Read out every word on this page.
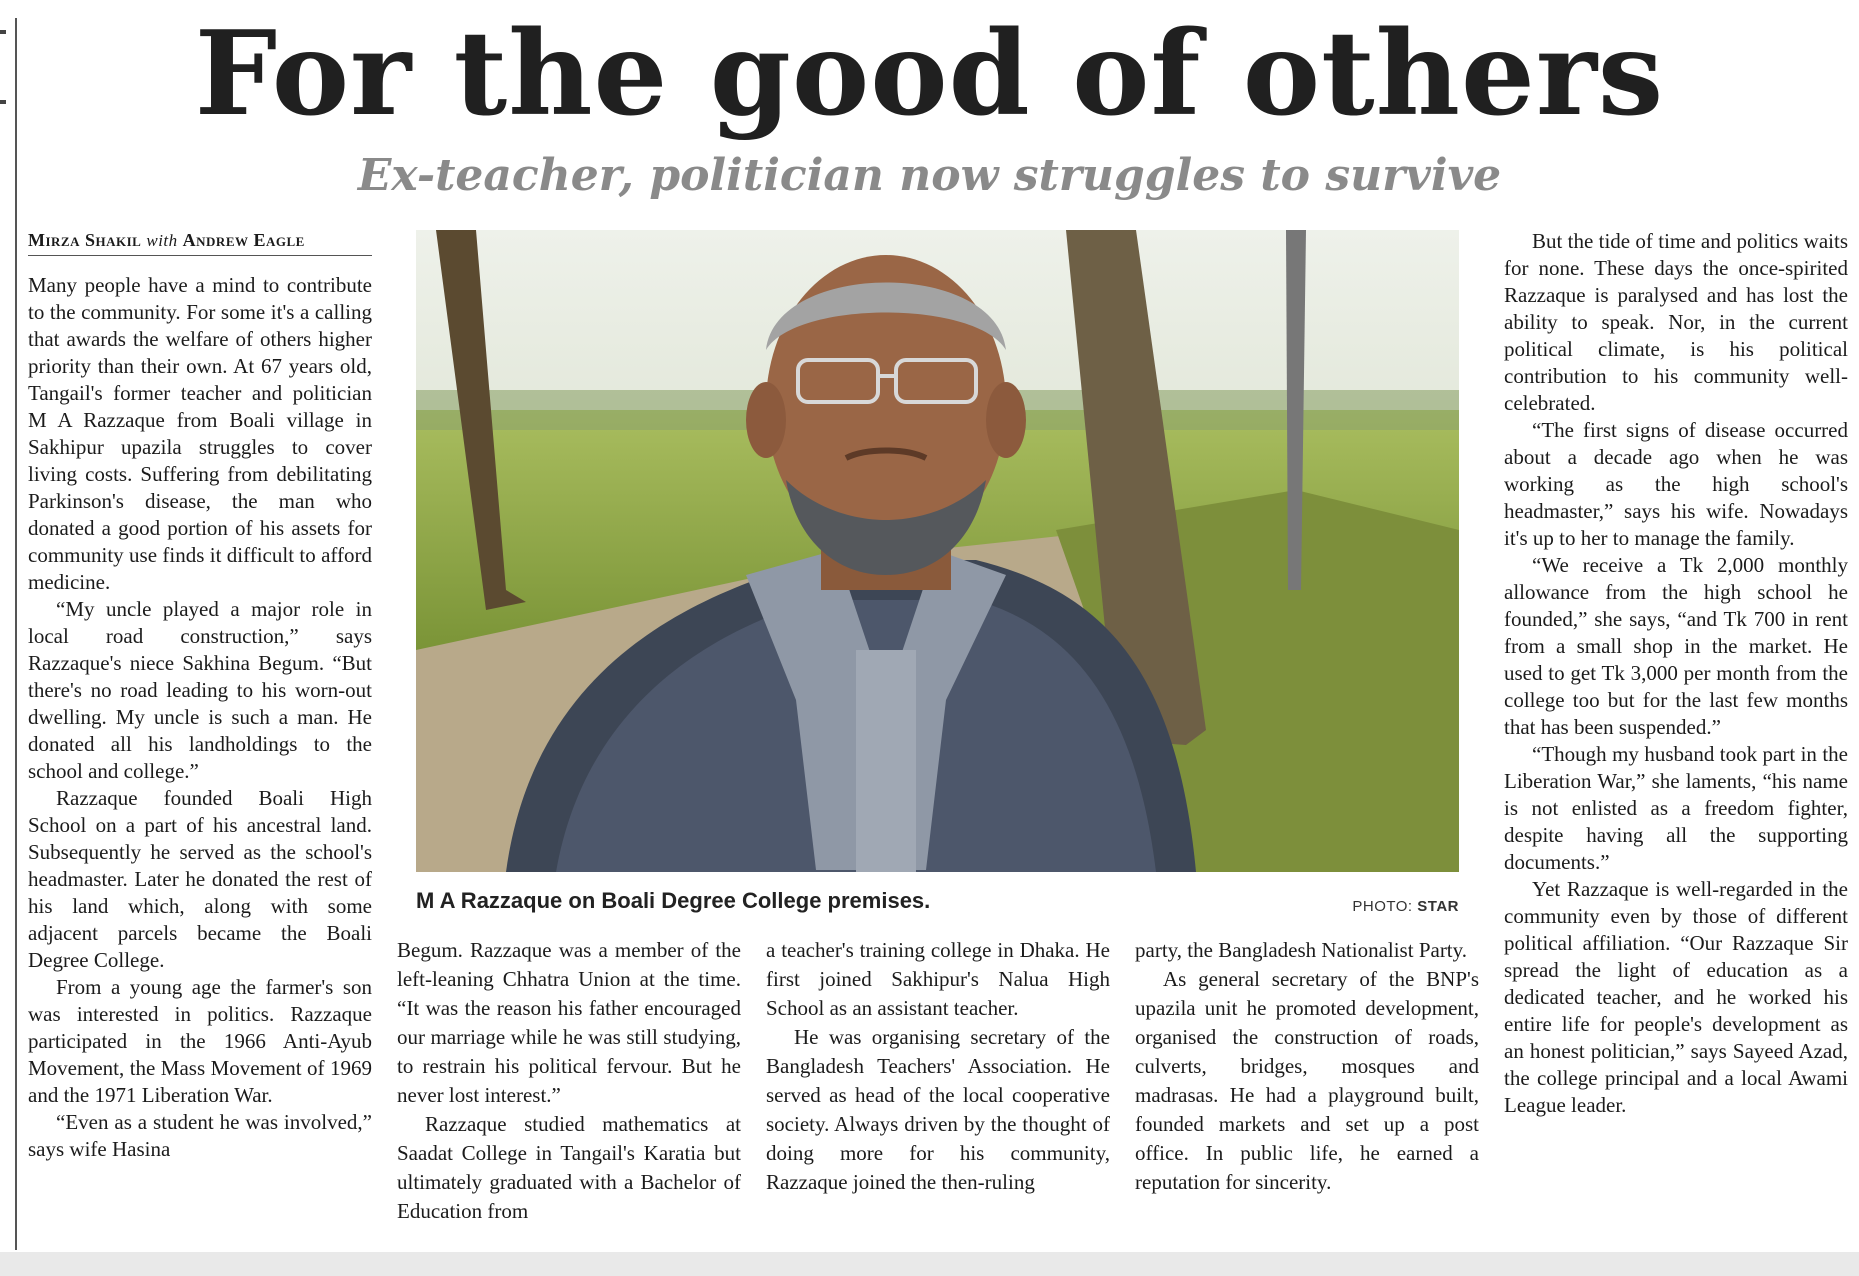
For the good of others
Ex-teacher, politician now struggles to survive
Mirza Shakil with Andrew Eagle

Many people have a mind to contribute to the community. For some it's a calling that awards the welfare of others higher priority than their own. At 67 years old, Tangail's former teacher and politician M A Razzaque from Boali village in Sakhipur upazila struggles to cover living costs. Suffering from debilitating Parkinson's disease, the man who donated a good portion of his assets for community use finds it difficult to afford medicine.

“My uncle played a major role in local road construction,” says Razzaque's niece Sakhina Begum. “But there's no road leading to his worn-out dwelling. My uncle is such a man. He donated all his landholdings to the school and college.”

Razzaque founded Boali High School on a part of his ancestral land. Subsequently he served as the school's headmaster. Later he donated the rest of his land which, along with some adjacent parcels became the Boali Degree College.

From a young age the farmer's son was interested in politics. Razzaque participated in the 1966 Anti-Ayub Movement, the Mass Movement of 1969 and the 1971 Liberation War.

“Even as a student he was involved,” says wife Hasina

M A Razzaque on Boali Degree College premises.	PHOTO: STAR

Begum. Razzaque was a member of the left-leaning Chhatra Union at the time. “It was the reason his father encouraged our marriage while he was still studying, to restrain his political fervour. But he never lost interest.”

Razzaque studied mathematics at Saadat College in Tangail's Karatia but ultimately graduated with a Bachelor of Education from

a teacher's training college in Dhaka. He first joined Sakhipur's Nalua High School as an assistant teacher.

He was organising secretary of the Bangladesh Teachers' Association. He served as head of the local cooperative society. Always driven by the thought of doing more for his community, Razzaque joined the then-ruling

party, the Bangladesh Nationalist Party.

As general secretary of the BNP's upazila unit he promoted development, organised the construction of roads, culverts, bridges, mosques and madrasas. He had a playground built, founded markets and set up a post office. In public life, he earned a reputation for sincerity.

But the tide of time and politics waits for none. These days the once-spirited Razzaque is paralysed and has lost the ability to speak. Nor, in the current political climate, is his political contribution to his community well-celebrated.

“The first signs of disease occurred about a decade ago when he was working as the high school's headmaster,” says his wife. Nowadays it's up to her to manage the family.

“We receive a Tk 2,000 monthly allowance from the high school he founded,” she says, “and Tk 700 in rent from a small shop in the market. He used to get Tk 3,000 per month from the college too but for the last few months that has been suspended.”

“Though my husband took part in the Liberation War,” she laments, “his name is not enlisted as a freedom fighter, despite having all the supporting documents.”

Yet Razzaque is well-regarded in the community even by those of different political affiliation. “Our Razzaque Sir spread the light of education as a dedicated teacher, and he worked his entire life for people's development as an honest politician,” says Sayeed Azad, the college principal and a local Awami League leader.
